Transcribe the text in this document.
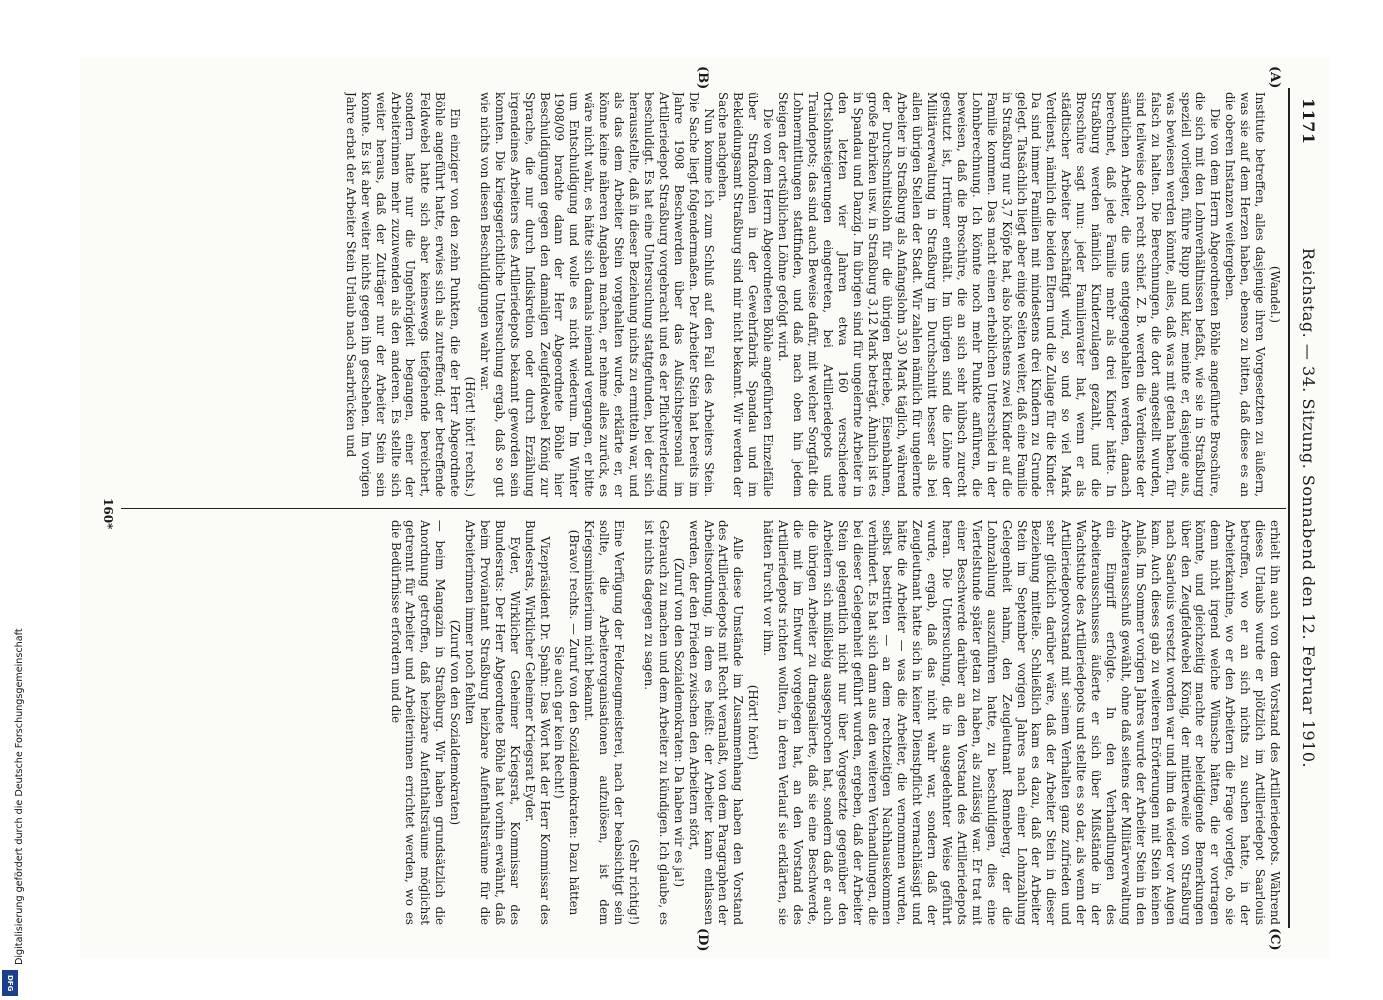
1171
Reichstag. — 34. Sitzung. Sonnabend den 12. Februar 1910.

(Wandel.)

Institute betreffen, alles dasjenige ihren Vorgesetzten zu äußern, was sie auf dem Herzen haben, ebenso zu bitten, daß diese es an die oberen Instanzen weitergeben.

Die von dem Herrn Abgeordneten Böhle angeführte Broschüre, die sich mit den Lohnverhältnissen befaßt, wie sie in Straßburg speziell vorliegen, führe Rupp und klar, meinte er, dasjenige aus, was bewiesen werden könnte, alles, daß was mit getan haben, für falsch zu halten. Die Berechnungen, die dort angestellt wurden, sind teilweise doch recht schief. Z. B. werden die Verdienste der sämtlichen Arbeiter, die uns entgegengehalten werden, danach berechnet, daß jede Familie mehr als drei Kinder hätte. In Straßburg werden nämlich Kinderzulagen gezahlt, und die Broschüre sagt nun: jeder Familienvater hat, wenn er als städtischer Arbeiter beschäftigt wird, so und so viel Mark Verdienst, nämlich die beiden Eltern und die Zulage für die Kinder. Da sind immer Familien mit mindestens drei Kindern zu Grunde gelegt. Tatsächlich liegt aber einige Seiten weiter, daß eine Familie in Straßburg nur 3,7 Köpfe hat, also höchstens zwei Kinder auf die Familie kommen. Das macht einen erheblichen Unterschied in der Lohnberechnung. Ich könnte noch mehr Punkte anführen, die beweisen, daß die Broschüre, die an sich sehr hübsch zurecht gestutzt ist, Irrtümer enthält. Im übrigen sind die Löhne der Militärverwaltung in Straßburg im Durchschnitt besser als bei allen übrigen Stellen der Stadt. Wir zahlen nämlich für ungelernte Arbeiter in Straßburg als Anfangslohn 3,30 Mark täglich, während der Durchschnittslohn für die übrigen Betriebe, Eisenbahnen, große Fabriken usw. in Straßburg 3,12 Mark beträgt. Ähnlich ist es in Spandau und Danzig. Im übrigen sind für ungelernte Arbeiter in den letzten vier Jahren etwa 160 verschiedene Ortslohnsteigerungen eingetreten, bei Artilleriedepots und Traindepots; das sind auch Beweise dafür, mit welcher Sorgfalt die Lohnermittlungen stattfinden, und daß nach oben hin jedem Steigen der ortsüblichen Löhne gefolgt wird.

Die von dem Herrn Abgeordneten Böhle angeführten Einzelfälle über Strafkolonien in der Gewehrfabrik Spandau und im Bekleidungsamt Straßburg sind mir nicht bekannt. Wir werden der Sache nachgehen.

Nun komme ich zum Schluß auf den Fall des Arbeiters Stein. Die Sache liegt folgendermaßen. Der Arbeiter Stein hat bereits im Jahre 1908 Beschwerden über das Aufsichtspersonal im Artilleriedepot Straßburg vorgebracht und es der Pflichtverletzung beschuldigt. Es hat eine Untersuchung stattgefunden, bei der sich herausstellte, daß in dieser Beziehung nichts zu ermitteln war, und als das dem Arbeiter Stein vorgehalten wurde, erklärte er, er könne keine näheren Angaben machen, er nehme alles zurück, es wäre nicht wahr, es hätte sich damals niemand vergangen, er bitte um Entschuldigung und wolle es nicht wiederum. Im Winter 1908/09 brachte dann der Herr Abgeordnete Böhle hier Beschuldigungen gegen den damaligen Zeugfeldwebel König zur Sprache, die nur durch Indiskretion oder durch Erzählung irgendeines Arbeiters des Artilleriedepots bekannt geworden sein konnten. Die kriegsgerichtliche Untersuchung ergab, daß so gut wie nichts von diesen Beschuldigungen wahr war.

(Hört! hört! rechts.)

Ein einziger von den zehn Punkten, die der Herr Abgeordnete Böhle angeführt hatte, erwies sich als zutreffend; der betreffende Feldwebel hatte sich aber keineswegs tiefgehende bereichert, sondern hatte nur die Ungehörigkeit begangen, einer der Arbeiterinnen mehr zuzuwenden als den anderen. Es stellte sich weiter heraus, daß der Zuträger nur der Arbeiter Stein sein konnte. Es ist aber weiter nichts gegen ihn geschehen. Im vorigen Jahre erbat der Arbeiter Stein Urlaub nach Saarbrücken und

erhielt ihn auch von dem Vorstand des Artilleriedepots. Während dieses Urlaubs wurde er plötzlich im Artilleriedepot Saarlouis betroffen, wo er an sich nichts zu suchen hatte, in der Arbeiterkantine, wo er den Arbeitern die Frage vorlegte, ob sie denn nicht irgend welche Wünsche hätten, die er vortragen könnte, und gleichzeitig machte er beleidigende Bemerkungen über den Zeugfeldwebel König, der mittlerweile von Straßburg nach Saarlouis versetzt worden war und ihm da wieder vor Augen kam. Auch dieses gab zu weiteren Erörterungen mit Stein keinen Anlaß. Im Sommer vorigen Jahres wurde der Arbeiter Stein in den Arbeiterausschuß gewählt, ohne daß seitens der Militärverwaltung ein Eingriff erfolgte. In den Verhandlungen des Arbeiterausschusses äußerte er sich über Mißstände in der Wachtstube des Artilleriedepots und stellte es so dar, als wenn der Artilleriedepotvorstand mit seinem Verhalten ganz zufrieden und sehr glücklich darüber wäre, daß der Arbeiter Stein in dieser Beziehung mitteile. Schließlich kam es dazu, daß der Arbeiter Stein im September vorigen Jahres nach einer Lohnzahlung Gelegenheit nahm, den Zeugleutnant Renneberg, der die Lohnzahlung auszuführen hatte, zu beschuldigen, dies eine Viertelstunde später getan zu haben, als zulässig war. Er trat mit einer Beschwerde darüber an den Vorstand des Artilleriedepots heran. Die Untersuchung, die in ausgedehnter Weise geführt wurde, ergab, daß das nicht wahr war, sondern daß der Zeugleutnant hatte sich in keiner Dienstpflicht vernachlässigt und hätte die Arbeiter — was die Arbeiter, die vernommen wurden, selbst bestritten — an dem rechtzeitigen Nachhausekommen verhindert. Es hat sich dann aus den weiteren Verhandlungen, die bei dieser Gelegenheit geführt wurden, ergeben, daß der Arbeiter Stein gelegentlich nicht nur über Vorgesetzte gegenüber den Arbeitern sich mißliebig ausgesprochen hat, sondern daß er auch die übrigen Arbeiter zu drangsalierte, daß sie eine Beschwerde, die mit im Entwurf vorgelegen hat, an den Vorstand des Artilleriedepots richten wollten, in deren Verlauf sie erklärten, sie hätten Furcht vor ihm.

(Hört! hört!)

Alle diese Umstände im Zusammenhang haben den Vorstand des Artilleriedepots mit Recht veranlaßt, von dem Paragraphen der Arbeitsordnung, in dem es heißt: der Arbeiter kann entlassen werden, der den Frieden zwischen den Arbeitern stört,

(Zuruf von den Sozialdemokraten: Da haben wir es ja!)

Gebrauch zu machen und dem Arbeiter zu kündigen. Ich glaube, es ist nichts dagegen zu sagen.

(Sehr richtig!)

Eine Verfügung der Feldzeugmeisterei, nach der beabsichtigt sein sollte, die Arbeiterorganisationen aufzulösen, ist dem Kriegsministerium nicht bekannt.

(Bravo! rechts. — Zuruf von den Sozialdemokraten: Dazu hätten Sie auch gar kein Recht!)

Vizepräsident Dr. Spahn: Das Wort hat der Herr Kommissar des Bundesrats, Wirklicher Geheimer Kriegsrat Eyder.

Eyder, Wirklicher Geheimer Kriegsrat, Kommissar des Bundesrats: Der Herr Abgeordnete Böhle hat vorhin erwähnt, daß beim Proviantamt Straßburg heizbare Aufenthaltsräume für die Arbeiterinnen immer noch fehlten

(Zuruf von den Sozialdemokraten)

— beim Mangazin in Straßburg. Wir haben grundsätzlich die Anordnung getroffen, daß heizbare Aufenthaltsräume möglichst getrennt für Arbeiter und Arbeiterinnen errichtet werden, wo es die Bedürfnisse erfordern und die

(A)
(B)
(C)
(D)
160*
Digitalisierung gefördert durch die Deutsche Forschungsgemeinschaft
DFG
